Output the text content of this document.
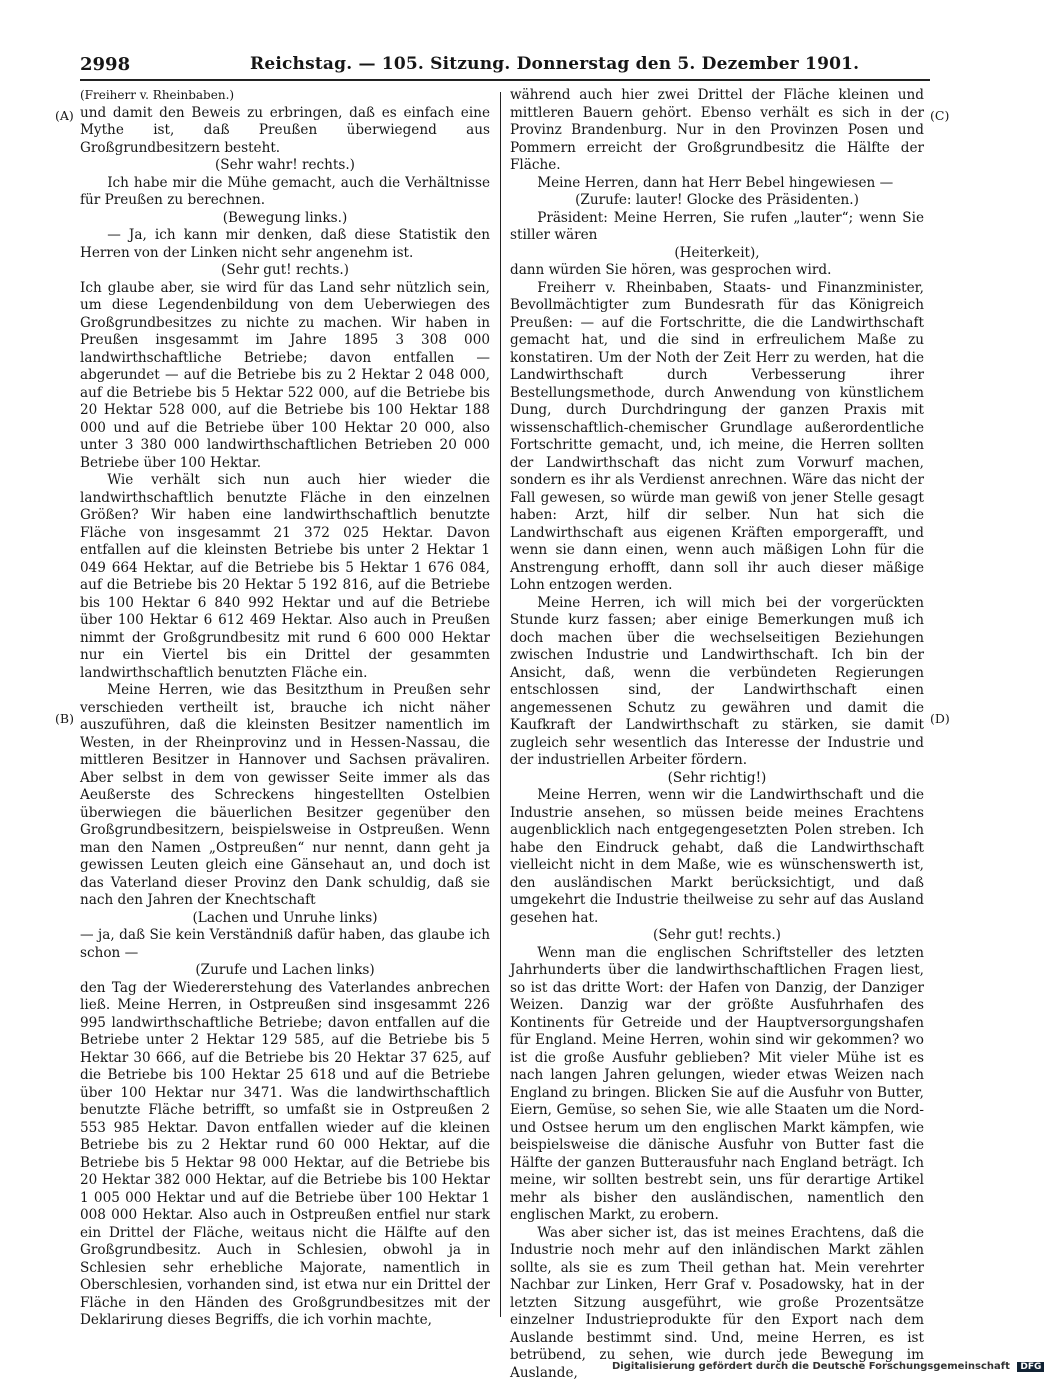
2998	Reichstag. — 105. Sitzung. Donnerstag den 5. Dezember 1901.
(A)
(B)
(C)
(D)

(Freiherr v. Rheinbaben.)

und damit den Beweis zu erbringen, daß es einfach eine Mythe ist, daß Preußen überwiegend aus Großgrundbesitzern besteht.

(Sehr wahr! rechts.)

Ich habe mir die Mühe gemacht, auch die Verhältnisse für Preußen zu berechnen.

(Bewegung links.)

— Ja, ich kann mir denken, daß diese Statistik den Herren von der Linken nicht sehr angenehm ist.

(Sehr gut! rechts.)

Ich glaube aber, sie wird für das Land sehr nützlich sein, um diese Legendenbildung von dem Ueberwiegen des Großgrundbesitzes zu nichte zu machen. Wir haben in Preußen insgesammt im Jahre 1895 3 308 000 landwirthschaftliche Betriebe; davon entfallen — abgerundet — auf die Betriebe bis zu 2 Hektar 2 048 000, auf die Betriebe bis 5 Hektar 522 000, auf die Betriebe bis 20 Hektar 528 000, auf die Betriebe bis 100 Hektar 188 000 und auf die Betriebe über 100 Hektar 20 000, also unter 3 380 000 landwirthschaftlichen Betrieben 20 000 Betriebe über 100 Hektar.

Wie verhält sich nun auch hier wieder die landwirthschaftlich benutzte Fläche in den einzelnen Größen? Wir haben eine landwirthschaftlich benutzte Fläche von insgesammt 21 372 025 Hektar. Davon entfallen auf die kleinsten Betriebe bis unter 2 Hektar 1 049 664 Hektar, auf die Betriebe bis 5 Hektar 1 676 084, auf die Betriebe bis 20 Hektar 5 192 816, auf die Betriebe bis 100 Hektar 6 840 992 Hektar und auf die Betriebe über 100 Hektar 6 612 469 Hektar. Also auch in Preußen nimmt der Großgrundbesitz mit rund 6 600 000 Hektar nur ein Viertel bis ein Drittel der gesammten landwirthschaftlich benutzten Fläche ein.

Meine Herren, wie das Besitzthum in Preußen sehr verschieden vertheilt ist, brauche ich nicht näher auszuführen, daß die kleinsten Besitzer namentlich im Westen, in der Rheinprovinz und in Hessen-Nassau, die mittleren Besitzer in Hannover und Sachsen prävaliren. Aber selbst in dem von gewisser Seite immer als das Aeußerste des Schreckens hingestellten Ostelbien überwiegen die bäuerlichen Besitzer gegenüber den Großgrundbesitzern, beispielsweise in Ostpreußen. Wenn man den Namen „Ostpreußen“ nur nennt, dann geht ja gewissen Leuten gleich eine Gänsehaut an, und doch ist das Vaterland dieser Provinz den Dank schuldig, daß sie nach den Jahren der Knechtschaft

(Lachen und Unruhe links)

— ja, daß Sie kein Verständniß dafür haben, das glaube ich schon —

(Zurufe und Lachen links)

den Tag der Wiedererstehung des Vaterlandes anbrechen ließ. Meine Herren, in Ostpreußen sind insgesammt 226 995 landwirthschaftliche Betriebe; davon entfallen auf die Betriebe unter 2 Hektar 129 585, auf die Betriebe bis 5 Hektar 30 666, auf die Betriebe bis 20 Hektar 37 625, auf die Betriebe bis 100 Hektar 25 618 und auf die Betriebe über 100 Hektar nur 3471. Was die landwirthschaftlich benutzte Fläche betrifft, so umfaßt sie in Ostpreußen 2 553 985 Hektar. Davon entfallen wieder auf die kleinen Betriebe bis zu 2 Hektar rund 60 000 Hektar, auf die Betriebe bis 5 Hektar 98 000 Hektar, auf die Betriebe bis 20 Hektar 382 000 Hektar, auf die Betriebe bis 100 Hektar 1 005 000 Hektar und auf die Betriebe über 100 Hektar 1 008 000 Hektar. Also auch in Ostpreußen entfiel nur stark ein Drittel der Fläche, weitaus nicht die Hälfte auf den Großgrundbesitz. Auch in Schlesien, obwohl ja in Schlesien sehr erhebliche Majorate, namentlich in Oberschlesien, vorhanden sind, ist etwa nur ein Drittel der Fläche in den Händen des Großgrundbesitzes mit der Deklarirung dieses Begriffs, die ich vorhin machte,

während auch hier zwei Drittel der Fläche kleinen und mittleren Bauern gehört. Ebenso verhält es sich in der Provinz Brandenburg. Nur in den Provinzen Posen und Pommern erreicht der Großgrundbesitz die Hälfte der Fläche.

Meine Herren, dann hat Herr Bebel hingewiesen —

(Zurufe: lauter! Glocke des Präsidenten.)

Präsident: Meine Herren, Sie rufen „lauter“; wenn Sie stiller wären

(Heiterkeit),

dann würden Sie hören, was gesprochen wird.

Freiherr v. Rheinbaben, Staats- und Finanzminister, Bevollmächtigter zum Bundesrath für das Königreich Preußen: — auf die Fortschritte, die die Landwirthschaft gemacht hat, und die sind in erfreulichem Maße zu konstatiren. Um der Noth der Zeit Herr zu werden, hat die Landwirthschaft durch Verbesserung ihrer Bestellungsmethode, durch Anwendung von künstlichem Dung, durch Durchdringung der ganzen Praxis mit wissenschaftlich-chemischer Grundlage außerordentliche Fortschritte gemacht, und, ich meine, die Herren sollten der Landwirthschaft das nicht zum Vorwurf machen, sondern es ihr als Verdienst anrechnen. Wäre das nicht der Fall gewesen, so würde man gewiß von jener Stelle gesagt haben: Arzt, hilf dir selber. Nun hat sich die Landwirthschaft aus eigenen Kräften emporgerafft, und wenn sie dann einen, wenn auch mäßigen Lohn für die Anstrengung erhofft, dann soll ihr auch dieser mäßige Lohn entzogen werden.

Meine Herren, ich will mich bei der vorgerückten Stunde kurz fassen; aber einige Bemerkungen muß ich doch machen über die wechselseitigen Beziehungen zwischen Industrie und Landwirthschaft. Ich bin der Ansicht, daß, wenn die verbündeten Regierungen entschlossen sind, der Landwirthschaft einen angemessenen Schutz zu gewähren und damit die Kaufkraft der Landwirthschaft zu stärken, sie damit zugleich sehr wesentlich das Interesse der Industrie und der industriellen Arbeiter fördern.

(Sehr richtig!)

Meine Herren, wenn wir die Landwirthschaft und die Industrie ansehen, so müssen beide meines Erachtens augenblicklich nach entgegengesetzten Polen streben. Ich habe den Eindruck gehabt, daß die Landwirthschaft vielleicht nicht in dem Maße, wie es wünschenswerth ist, den ausländischen Markt berücksichtigt, und daß umgekehrt die Industrie theilweise zu sehr auf das Ausland gesehen hat.

(Sehr gut! rechts.)

Wenn man die englischen Schriftsteller des letzten Jahrhunderts über die landwirthschaftlichen Fragen liest, so ist das dritte Wort: der Hafen von Danzig, der Danziger Weizen. Danzig war der größte Ausfuhrhafen des Kontinents für Getreide und der Hauptversorgungshafen für England. Meine Herren, wohin sind wir gekommen? wo ist die große Ausfuhr geblieben? Mit vieler Mühe ist es nach langen Jahren gelungen, wieder etwas Weizen nach England zu bringen. Blicken Sie auf die Ausfuhr von Butter, Eiern, Gemüse, so sehen Sie, wie alle Staaten um die Nord- und Ostsee herum um den englischen Markt kämpfen, wie beispielsweise die dänische Ausfuhr von Butter fast die Hälfte der ganzen Butterausfuhr nach England beträgt. Ich meine, wir sollten bestrebt sein, uns für derartige Artikel mehr als bisher den ausländischen, namentlich den englischen Markt, zu erobern.

Was aber sicher ist, das ist meines Erachtens, daß die Industrie noch mehr auf den inländischen Markt zählen sollte, als sie es zum Theil gethan hat. Mein verehrter Nachbar zur Linken, Herr Graf v. Posadowsky, hat in der letzten Sitzung ausgeführt, wie große Prozentsätze einzelner Industrieprodukte für den Export nach dem Auslande bestimmt sind. Und, meine Herren, es ist betrübend, zu sehen, wie durch jede Bewegung im Auslande,	Digitalisierung gefördert durch die Deutsche Forschungsgemeinschaft DFG
